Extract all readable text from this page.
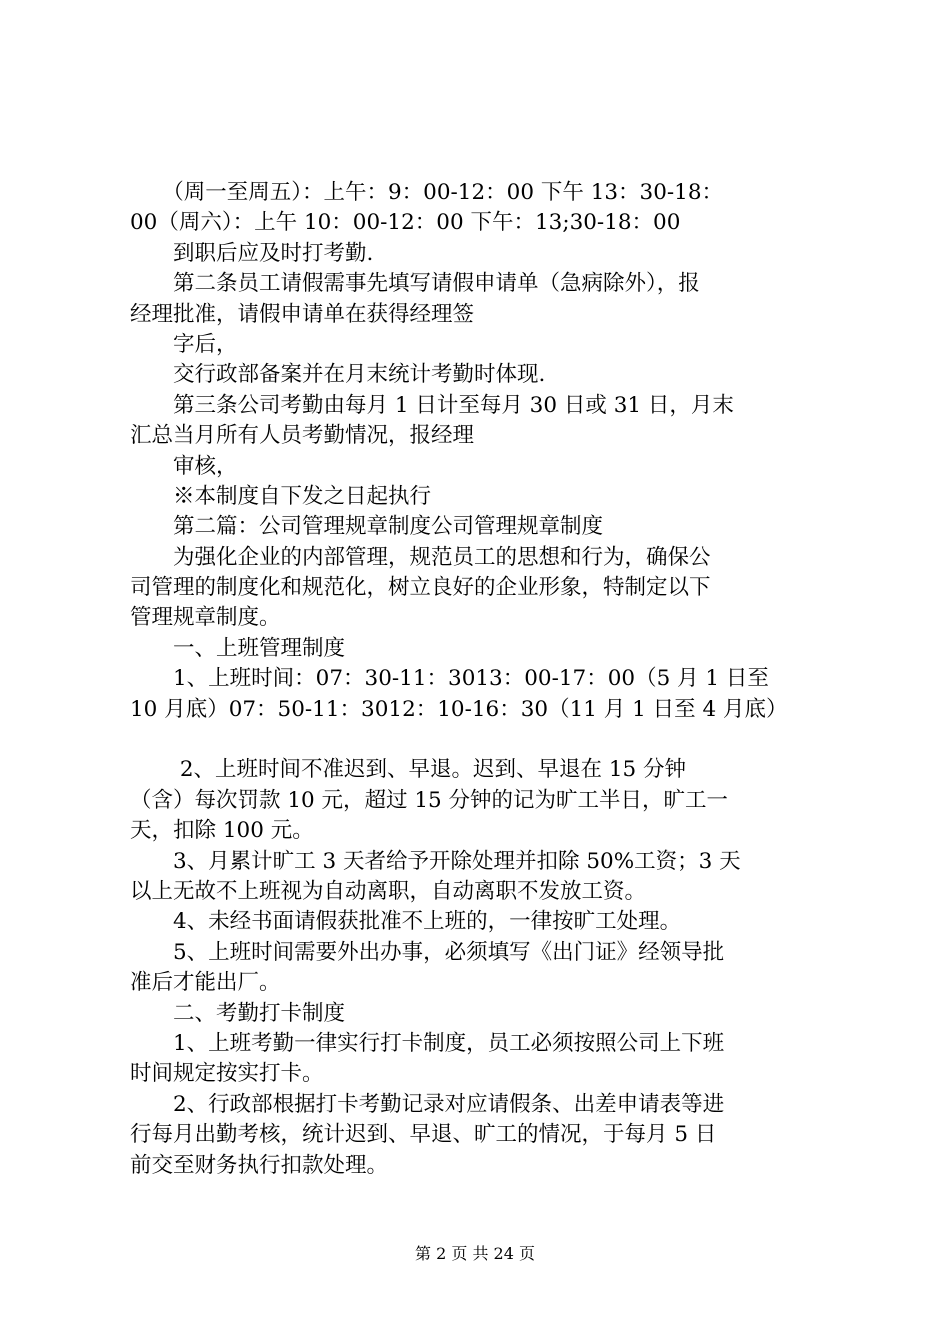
　　（周一至周五）：上午：9：00-12：00 下午 13：30-18：
00（周六）：上午 10：00-12：00 下午：13;30-18：00
　　到职后应及时打考勤.
　　第二条员工请假需事先填写请假申请单（急病除外），报
经理批准，请假申请单在获得经理签
　　字后，
　　交行政部备案并在月末统计考勤时体现.
　　第三条公司考勤由每月 1 日计至每月 30 日或 31 日，月末
汇总当月所有人员考勤情况，报经理
　　审核，
　　※本制度自下发之日起执行
　　第二篇：公司管理规章制度公司管理规章制度
　　为强化企业的内部管理，规范员工的思想和行为，确保公
司管理的制度化和规范化，树立良好的企业形象，特制定以下
管理规章制度。
　　一、上班管理制度
　　1、上班时间：07：30-11：3013：00-17：00（5 月 1 日至
10 月底）07：50-11：3012：10-16：30（11 月 1 日至 4 月底）
　　 2、上班时间不准迟到、早退。迟到、早退在 15 分钟
（含）每次罚款 10 元，超过 15 分钟的记为旷工半日，旷工一
天，扣除 100 元。
　　3、月累计旷工 3 天者给予开除处理并扣除 50%工资；3 天
以上无故不上班视为自动离职，自动离职不发放工资。
　　4、未经书面请假获批准不上班的，一律按旷工处理。
　　5、上班时间需要外出办事，必须填写《出门证》经领导批
准后才能出厂。
　　二、考勤打卡制度
　　1、上班考勤一律实行打卡制度，员工必须按照公司上下班
时间规定按实打卡。
　　2、行政部根据打卡考勤记录对应请假条、出差申请表等进
行每月出勤考核，统计迟到、早退、旷工的情况，于每月 5 日
前交至财务执行扣款处理。
第 2 页 共 24 页
